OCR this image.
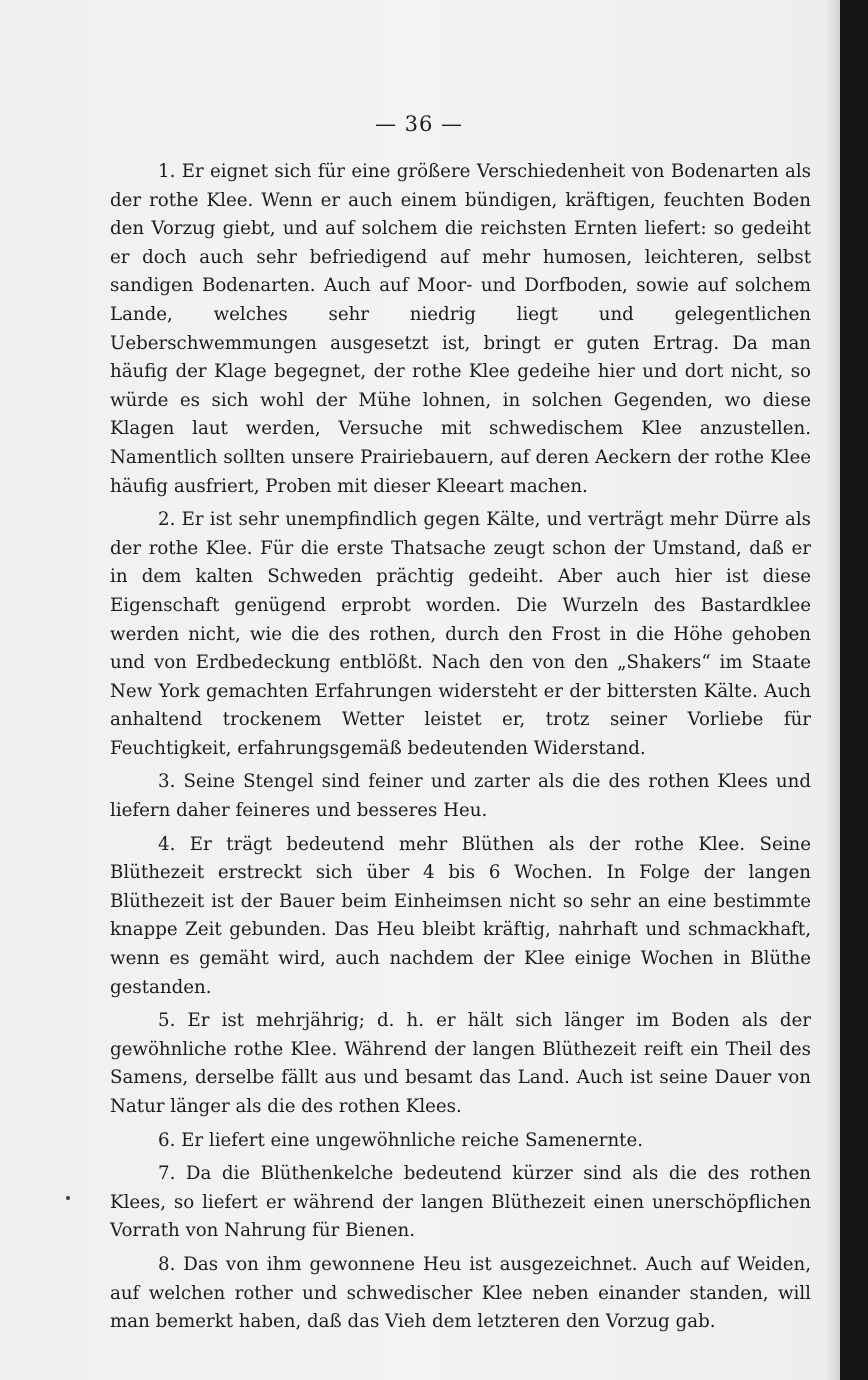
— 36 —

1. Er eignet sich für eine größere Verschiedenheit von Bodenarten als der rothe Klee. Wenn er auch einem bündigen, kräftigen, feuchten Boden den Vorzug giebt, und auf solchem die reichsten Ernten liefert: so gedeiht er doch auch sehr befriedigend auf mehr humosen, leichteren, selbst sandigen Bodenarten. Auch auf Moor- und Dorfboden, sowie auf solchem Lande, welches sehr niedrig liegt und gelegentlichen Ueberschwemmungen ausgesetzt ist, bringt er guten Ertrag. Da man häufig der Klage begegnet, der rothe Klee gedeihe hier und dort nicht, so würde es sich wohl der Mühe lohnen, in solchen Gegenden, wo diese Klagen laut werden, Versuche mit schwedischem Klee anzustellen. Namentlich sollten unsere Prairiebauern, auf deren Aeckern der rothe Klee häufig ausfriert, Proben mit dieser Kleeart machen.

2. Er ist sehr unempfindlich gegen Kälte, und verträgt mehr Dürre als der rothe Klee. Für die erste Thatsache zeugt schon der Umstand, daß er in dem kalten Schweden prächtig gedeiht. Aber auch hier ist diese Eigenschaft genügend erprobt worden. Die Wurzeln des Bastardklee werden nicht, wie die des rothen, durch den Frost in die Höhe gehoben und von Erdbedeckung entblößt. Nach den von den „Shakers“ im Staate New York gemachten Erfahrungen widersteht er der bittersten Kälte. Auch anhaltend trockenem Wetter leistet er, trotz seiner Vorliebe für Feuchtigkeit, erfahrungsgemäß bedeutenden Widerstand.

3. Seine Stengel sind feiner und zarter als die des rothen Klees und liefern daher feineres und besseres Heu.

4. Er trägt bedeutend mehr Blüthen als der rothe Klee. Seine Blüthezeit erstreckt sich über 4 bis 6 Wochen. In Folge der langen Blüthezeit ist der Bauer beim Einheimsen nicht so sehr an eine bestimmte knappe Zeit gebunden. Das Heu bleibt kräftig, nahrhaft und schmackhaft, wenn es gemäht wird, auch nachdem der Klee einige Wochen in Blüthe gestanden.

5. Er ist mehrjährig; d. h. er hält sich länger im Boden als der gewöhnliche rothe Klee. Während der langen Blüthezeit reift ein Theil des Samens, derselbe fällt aus und besamt das Land. Auch ist seine Dauer von Natur länger als die des rothen Klees.

6. Er liefert eine ungewöhnliche reiche Samenernte.

7. Da die Blüthenkelche bedeutend kürzer sind als die des rothen Klees, so liefert er während der langen Blüthezeit einen unerschöpflichen Vorrath von Nahrung für Bienen.

8. Das von ihm gewonnene Heu ist ausgezeichnet. Auch auf Weiden, auf welchen rother und schwedischer Klee neben einander standen, will man bemerkt haben, daß das Vieh dem letzteren den Vorzug gab.
